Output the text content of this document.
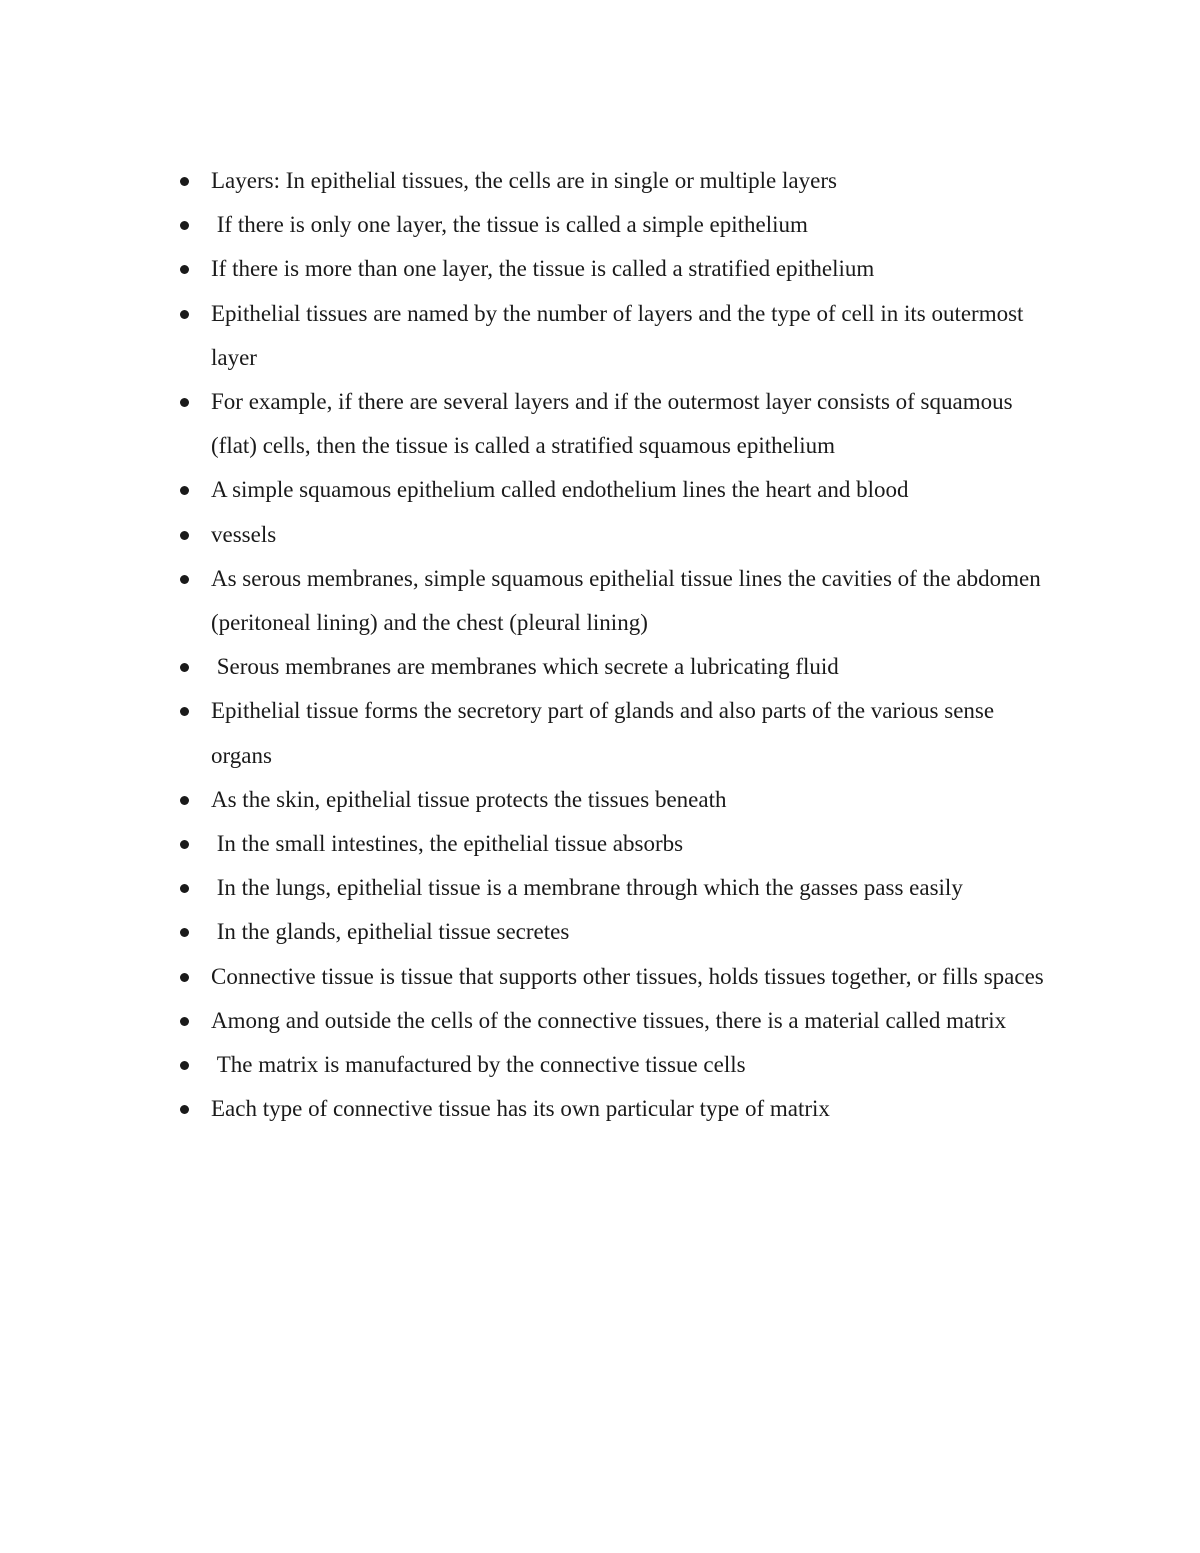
Layers: In epithelial tissues, the cells are in single or multiple layers
If there is only one layer, the tissue is called a simple epithelium
If there is more than one layer, the tissue is called a stratified epithelium
Epithelial tissues are named by the number of layers and the type of cell in its outermost layer
For example, if there are several layers and if the outermost layer consists of squamous (flat) cells, then the tissue is called a stratified squamous epithelium
A simple squamous epithelium called endothelium lines the heart and blood
vessels
As serous membranes, simple squamous epithelial tissue lines the cavities of the abdomen (peritoneal lining) and the chest (pleural lining)
Serous membranes are membranes which secrete a lubricating fluid
Epithelial tissue forms the secretory part of glands and also parts of the various sense organs
As the skin, epithelial tissue protects the tissues beneath
In the small intestines, the epithelial tissue absorbs
In the lungs, epithelial tissue is a membrane through which the gasses pass easily
In the glands, epithelial tissue secretes
Connective tissue is tissue that supports other tissues, holds tissues together, or fills spaces
Among and outside the cells of the connective tissues, there is a material called matrix
The matrix is manufactured by the connective tissue cells
Each type of connective tissue has its own particular type of matrix
